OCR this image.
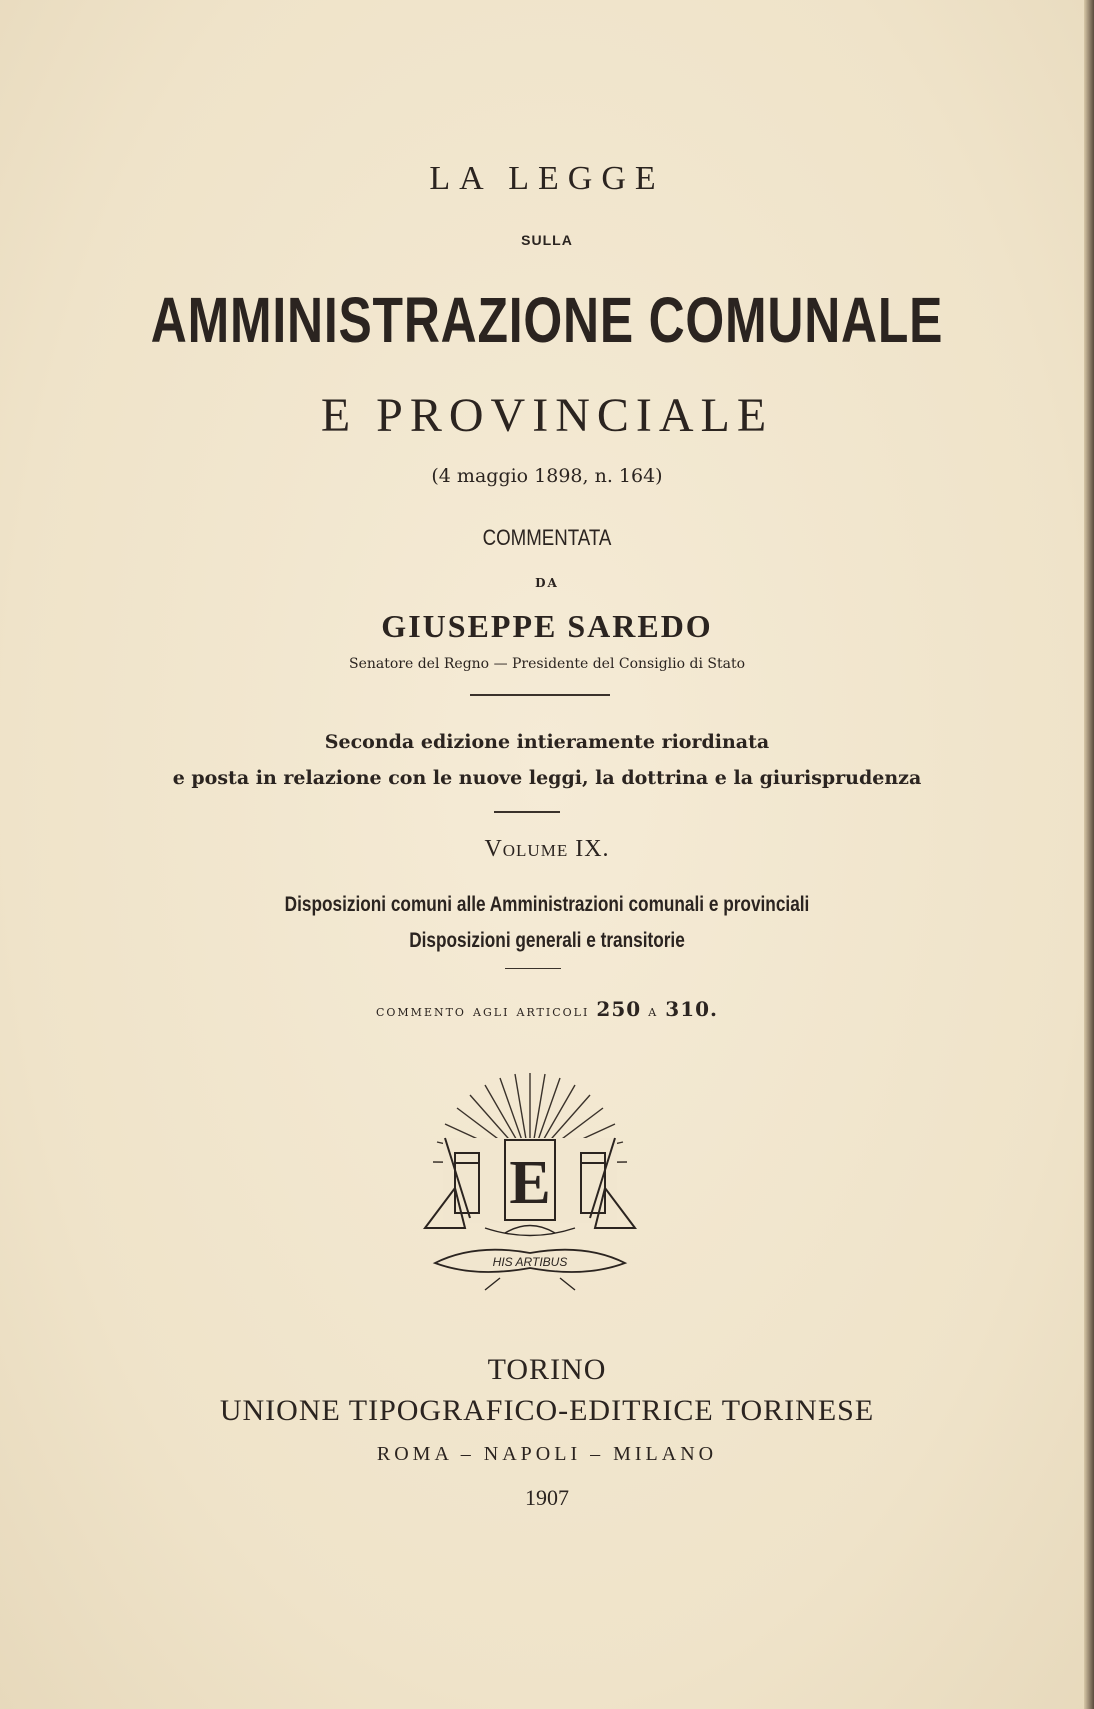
LA LEGGE
SULLA
AMMINISTRAZIONE COMUNALE
E PROVINCIALE
(4 maggio 1898, n. 164)
COMMENTATA
DA
GIUSEPPE SAREDO
Senatore del Regno — Presidente del Consiglio di Stato
Seconda edizione intieramente riordinata
e posta in relazione con le nuove leggi, la dottrina e la giurisprudenza
Volume IX.
Disposizioni comuni alle Amministrazioni comunali e provinciali
Disposizioni generali e transitorie
commento agli articoli 250 a 310.
E
HIS ARTIBUS
TORINO
UNIONE TIPOGRAFICO-EDITRICE TORINESE
ROMA – NAPOLI – MILANO
1907
